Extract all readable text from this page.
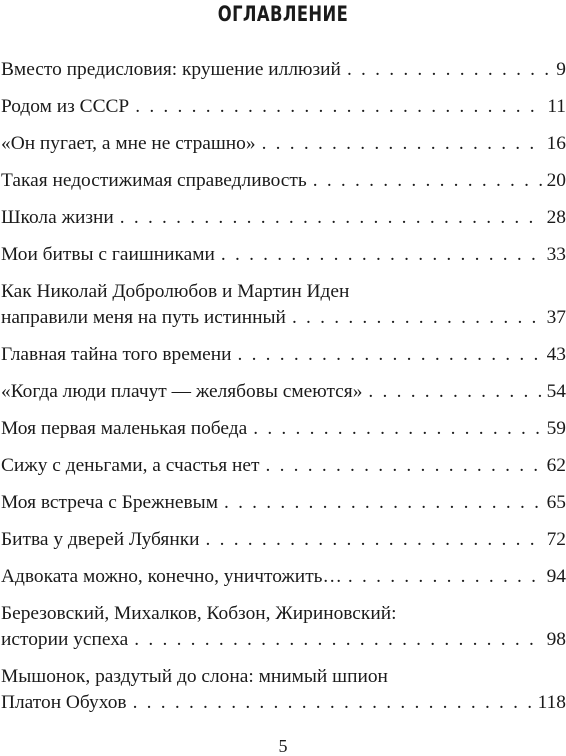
ОГЛАВЛЕНИЕ
Вместо предисловия: крушение иллюзий . . .	9
Родом из СССР . . .	11
«Он пугает, а мне не страшно» . . .	16
Такая недостижимая справедливость . . .	20
Школа жизни . . .	28
Мои битвы с гаишниками . . .	33
Как Николай Добролюбов и Мартин Иден
направили меня на путь истинный . . .	37
Главная тайна того времени . . .	43
«Когда люди плачут — желябовы смеются» . . .	54
Моя первая маленькая победа . . .	59
Сижу с деньгами, а счастья нет . . .	62
Моя встреча с Брежневым . . .	65
Битва у дверей Лубянки . . .	72
Адвоката можно, конечно, уничтожить… . . .	94
Березовский, Михалков, Кобзон, Жириновский:
истории успеха . . .	98
Мышонок, раздутый до слона: мнимый шпион
Платон Обухов . . .	118
5
